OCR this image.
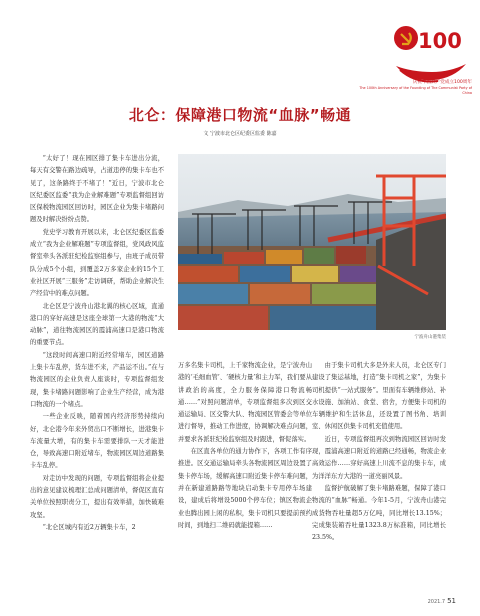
100
庆祝中国共产党成立100周年
The 100th Anniversary of the Founding of The Communist Party of China
北仑：保障港口物流“血脉”畅通
文 宁波市北仑区纪委区监委 陈嘉
宁波舟山港集装

“太好了！现在园区排了集卡车进出分流，每天有交警在路边疏导，占道违停的集卡车也不见了，这条路终于不堵了！”近日，宁波市北仑区纪委区监委“我为企业解难题”专项监督组回访区保税物流园区回访时，园区企业为集卡堵路问题及时解决纷纷点赞。

党史学习教育开展以来，北仑区纪委区监委成立“我为企业解难题”专项监督组，党风政风监督室牵头各派驻纪检监察组参与，由班子成员带队分成5个小组，到覆盖2万多家企业的15个工业社区开展“三服务”走访调研，帮助企业解决生产经营中的难点问题。

北仑区是宁波舟山港北翼的核心区域，直通港口的穿好高速是这座全球第一大港的物流“大动脉”，道往物流园区的霞浦高速口是港口物流的重要节点。

“这段时间高速口附近经常堵车，园区道路上集卡车乱停，货车进不来，产品运不出。”在与物流园区的企业负责人座谈时，专项监督组发现，集卡堵路问题影响了企业生产经营，成为港口物流的一个堵点。

一些企业反映，随着国内经济形势持续向好，北仑港今年来外贸出口不断增长，进港集卡车流量大增，有的集卡车需要排队一天才能进仓，导致高速口附近堵车，物流园区周边道路集卡车乱停。

对走访中发现的问题，专项监督组将企业提出的意见建议梳理汇总成问题清单，督促区直有关单位按照职责分工，提出有效举措，加快破难攻坚。

“北仑区城内有近2万辆集卡车，2

万多名集卡司机，上千家物流企业，是宁波舟山港的‘毛细血管’、‘硬核力量’和主力军，我们要从讲政治的高度，全力服务保障港口物流畅通……”对照问题清单，专项监督组多次到区交通运输局、区交警大队、物流园区管委会等单位进行督导，推动工作进度，协调解决难点问题，并要求各派驻纪检监察组及时跟进，督促落实。

在区直各单位的通力协作下，各项工作有序推进。区交通运输局牵头各物流园区周边设置了集卡停车场，缓解高速口附近集卡停车难问题，并在新建道路路等地块启动集卡专用停车场建设，建成后将增设5000个停车位；镇区物流企业也腾出园上闲的私积，集卡司机只要提前预约时间，到地扫二维码就能提箱……

由于集卡司机大多是外来人员，北仑区专门建设了集运基地，打造“集卡司机之家”，为集卡司机提供“一站式服务”。里面有车辆维修站、补水设施、加油站、食堂、宿舍，方便集卡司机的车辆维护和生活休息，还设置了图书角、培训室、休闲区供集卡司机充值使用。

近日，专项监督组再次到物流园区回访时发现，霞浦高速口附近的道路已经通畅，物流企业高效运作……穿好高速上川流不息的集卡车，成为洋洋东方大港的一道亮丽风景。

监督护航破解了集卡堵路难题，保障了港口物流的“血脉”畅通。今年1-5月，宁波舟山港完成货物吞吐量超5万亿吨，同比增长13.15%；完成集装箱吞吐量1323.8万标准箱，同比增长23.5%。

2021.7 51
